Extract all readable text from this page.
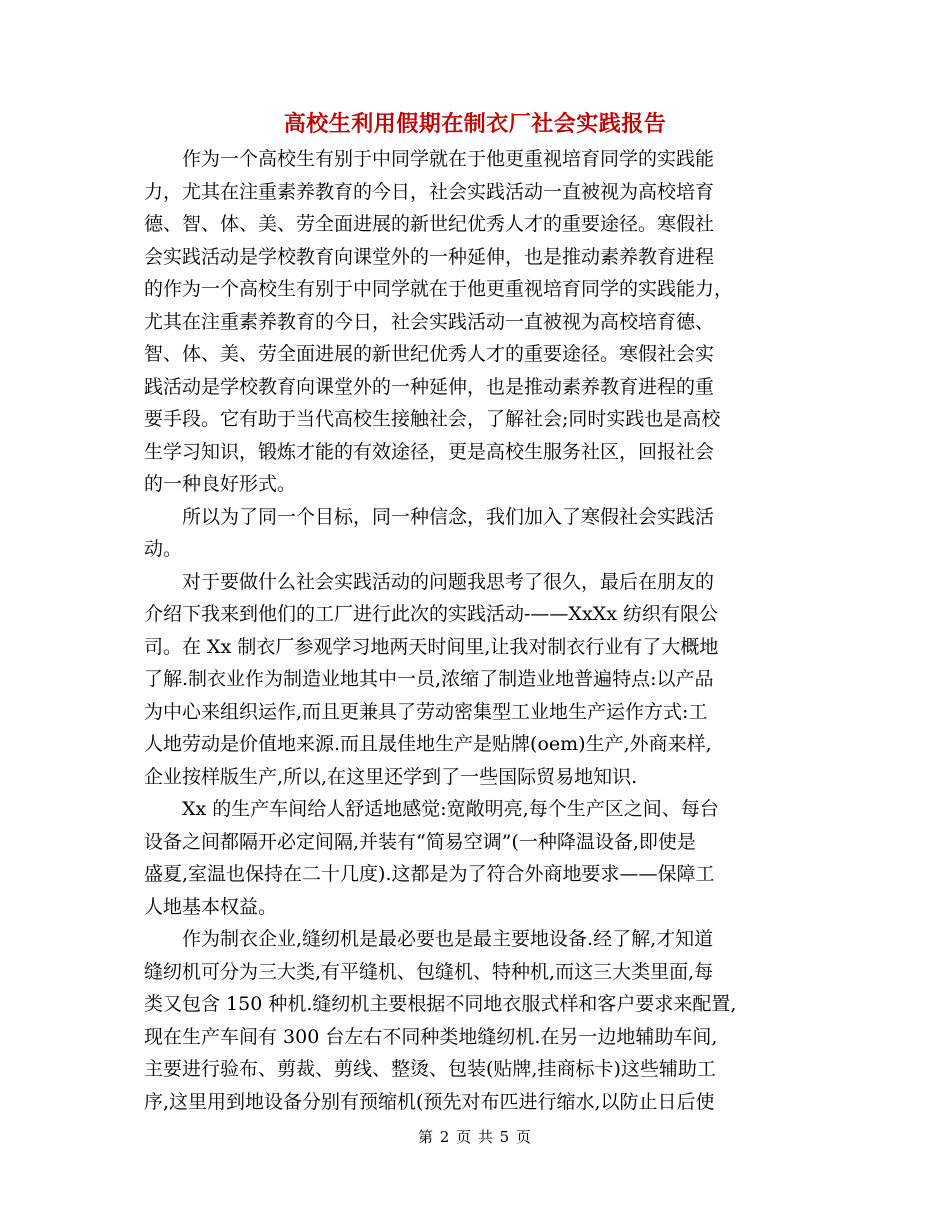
高校生利用假期在制衣厂社会实践报告
　　作为一个高校生有别于中同学就在于他更重视培育同学的实践能
力，尤其在注重素养教育的今日，社会实践活动一直被视为高校培育
德、智、体、美、劳全面进展的新世纪优秀人才的重要途径。寒假社
会实践活动是学校教育向课堂外的一种延伸，也是推动素养教育进程
的作为一个高校生有别于中同学就在于他更重视培育同学的实践能力，
尤其在注重素养教育的今日，社会实践活动一直被视为高校培育德、
智、体、美、劳全面进展的新世纪优秀人才的重要途径。寒假社会实
践活动是学校教育向课堂外的一种延伸，也是推动素养教育进程的重
要手段。它有助于当代高校生接触社会，了解社会;同时实践也是高校
生学习知识，锻炼才能的有效途径，更是高校生服务社区，回报社会
的一种良好形式。
　　所以为了同一个目标，同一种信念，我们加入了寒假社会实践活
动。
　　对于要做什么社会实践活动的问题我思考了很久，最后在朋友的
介绍下我来到他们的工厂进行此次的实践活动-——XxXx 纺织有限公
司。在 Xx 制衣厂参观学习地两天时间里,让我对制衣行业有了大概地
了解.制衣业作为制造业地其中一员,浓缩了制造业地普遍特点:以产品
为中心来组织运作,而且更兼具了劳动密集型工业地生产运作方式:工
人地劳动是价值地来源.而且晟佳地生产是贴牌(oem)生产,外商来样,
企业按样版生产,所以,在这里还学到了一些国际贸易地知识.
　　Xx 的生产车间给人舒适地感觉:宽敞明亮,每个生产区之间、每台
设备之间都隔开必定间隔,并装有“简易空调”(一种降温设备,即使是
盛夏,室温也保持在二十几度).这都是为了符合外商地要求——保障工
人地基本权益。
　　作为制衣企业,缝纫机是最必要也是最主要地设备.经了解,才知道
缝纫机可分为三大类,有平缝机、包缝机、特种机,而这三大类里面,每
类又包含 150 种机.缝纫机主要根据不同地衣服式样和客户要求来配置,
现在生产车间有 300 台左右不同种类地缝纫机.在另一边地辅助车间,
主要进行验布、剪裁、剪线、整烫、包装(贴牌,挂商标卡)这些辅助工
序,这里用到地设备分别有预缩机(预先对布匹进行缩水,以防止日后使
第 2 页 共 5 页
